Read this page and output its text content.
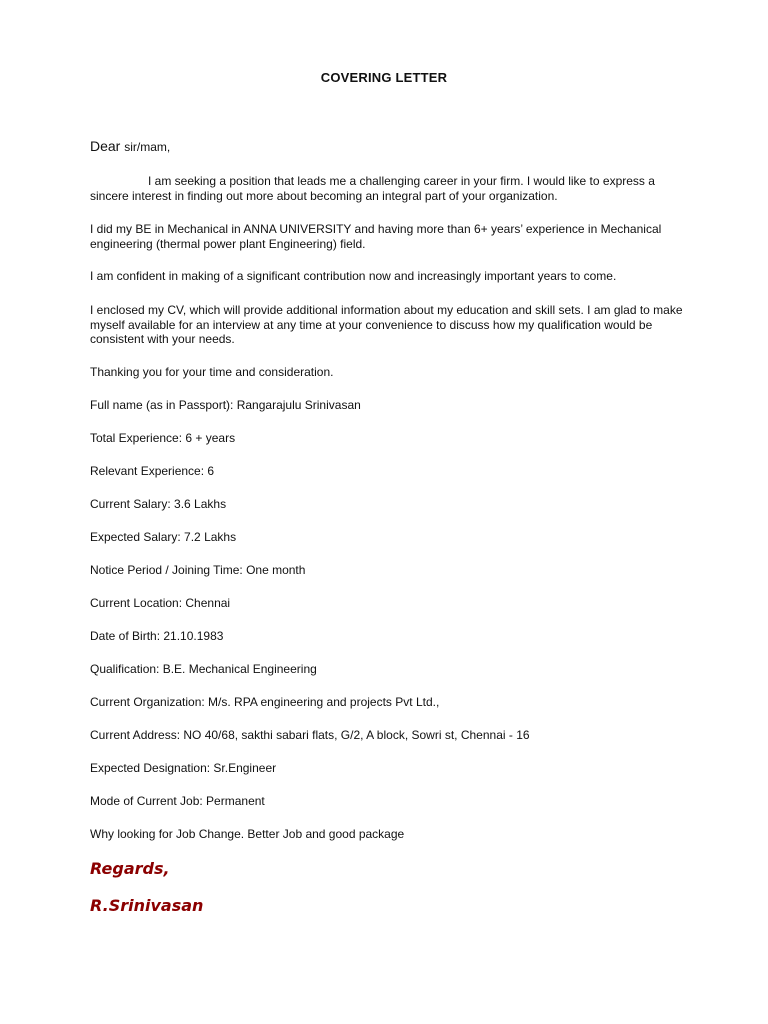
COVERING LETTER
Dear sir/mam,

I am seeking a position that leads me a challenging career in your firm. I would like to express a sincere interest in finding out more about becoming an integral part of your organization.

I did my BE in Mechanical in ANNA UNIVERSITY and having more than 6+ years’ experience in Mechanical engineering (thermal power plant Engineering) field.

I am confident in making of a significant contribution now and increasingly important years to come.

I enclosed my CV, which will provide additional information about my education and skill sets. I am glad to make myself available for an interview at any time at your convenience to discuss how my qualification would be consistent with your needs.

Thanking you for your time and consideration.

Full name (as in Passport): Rangarajulu Srinivasan

Total Experience: 6 + years

Relevant Experience: 6

Current Salary: 3.6 Lakhs

Expected Salary: 7.2 Lakhs

Notice Period / Joining Time: One month

Current Location: Chennai

Date of Birth: 21.10.1983

Qualification: B.E. Mechanical Engineering

Current Organization: M/s. RPA engineering and projects Pvt Ltd.,

Current Address: NO 40/68, sakthi sabari flats, G/2, A block, Sowri st, Chennai - 16

Expected Designation: Sr.Engineer

Mode of Current Job: Permanent

Why looking for Job Change. Better Job and good package

Regards,
R.Srinivasan
